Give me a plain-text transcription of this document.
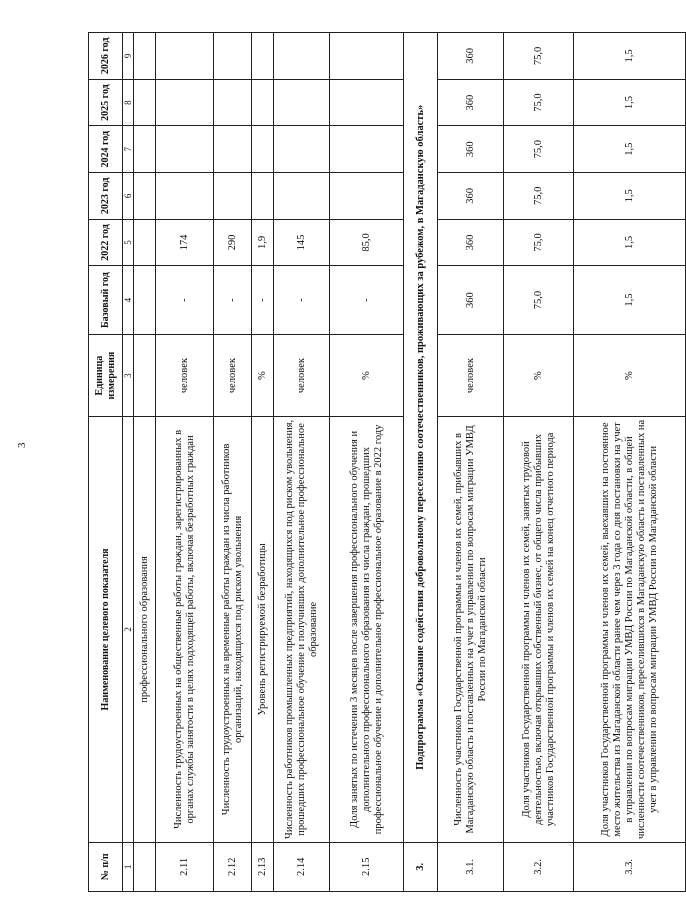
3
№ п/п	Наименование целевого показателя	Единица измерения	Базовый год	2022 год	2023 год	2024 год	2025 год	2026 год
1	2	3	4	5	6	7	8	9
	профессионального образования							
2.11	Численность трудоустроенных на общественные работы граждан, зарегистрированных в органах службы занятости в целях подходящей работы, включая безработных граждан	человек	-	174				
2.12	Численность трудоустроенных на временные работы граждан из числа работников организаций, находящихся под риском увольнения	человек	-	290				
2.13	Уровень регистрируемой безработицы	%	-	1,9				
2.14	Численность работников промышленных предприятий, находящихся под риском увольнения, прошедших профессиональное обучение и получивших дополнительное профессиональное образование	человек	-	145				
2.15	Доля занятых по истечении 3 месяцев после завершения профессионального обучения и дополнительного профессионального образования из числа граждан, прошедших профессиональное обучение и дополнительное профессиональное образование в 2022 году	%	-	85,0				
3.	Подпрограмма «Оказание содействия добровольному переселению соотечественников, проживающих за рубежом, в Магаданскую область»							
3.1.	Численность участников Государственной программы и членов их семей, прибывших в Магаданскую область и поставленных на учет в управлении по вопросам миграции УМВД России по Магаданской области	человек	360	360	360	360	360	360
3.2.	Доля участников Государственной программы и членов их семей, занятых трудовой деятельностью, включая открывших собственный бизнес, от общего числа прибывших участников Государственной программы и членов их семей на конец отчетного периода	%	75,0	75,0	75,0	75,0	75,0	75,0
3.3.	Доля участников Государственной программы и членов их семей, выехавших на постоянное место жительства из Магаданской области ранее чем через 3 года со дня постановки на учет в управлении по вопросам миграции УМВД России по Магаданской области, в общей численности соотечественников, переселившихся в Магаданскую область и поставленных на учет в управлении по вопросам миграции УМВД России по Магаданской области	%	1,5	1,5	1,5	1,5	1,5	1,5
